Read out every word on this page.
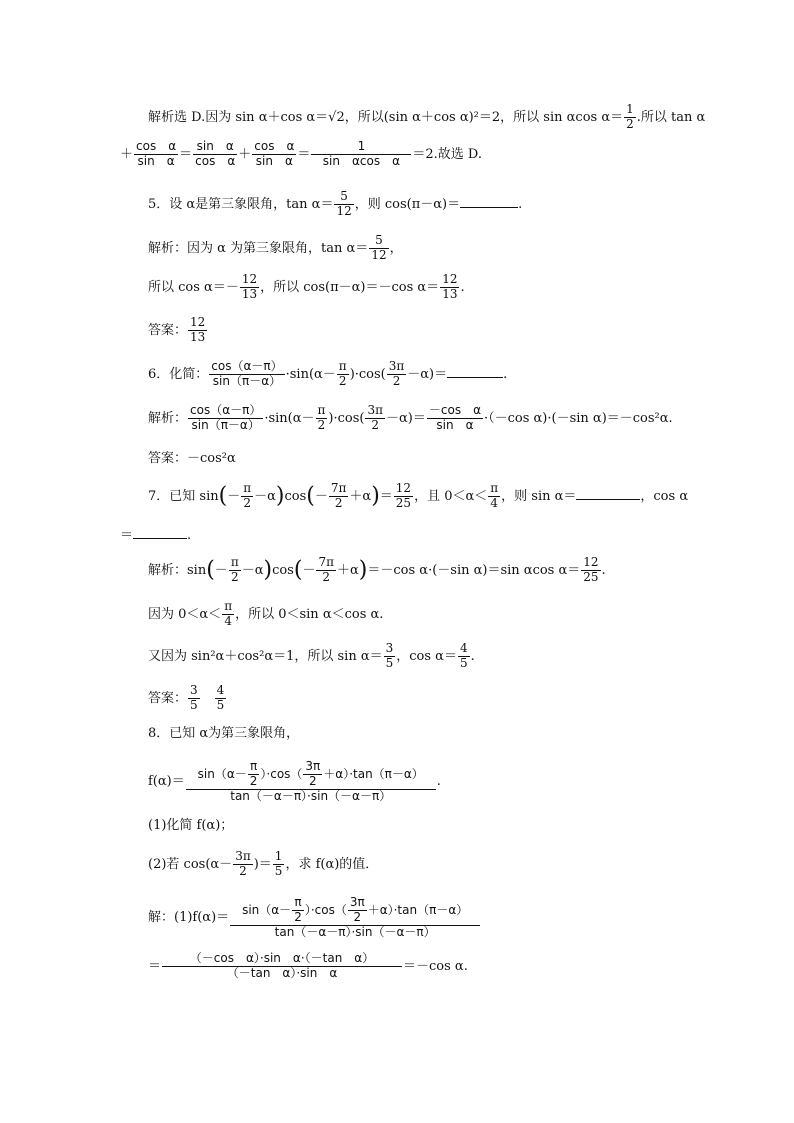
解析选 D.因为 sin α＋cos α＝√2，所以(sin α＋cos α)²＝2，所以 sin αcos $\alpha= \frac{1}{2}$ .所以 tan α
＋ $\frac{\text{cos　α}}{\text{sin　α}} = \frac{\text{sin　α}}{\text{cos　α}} + \frac{\text{cos　α}}{\text{sin　α}} = \frac{1}{\text{sin　αcos　α}} =2$.故选 D.
5．设 α是第三象限角，$\tan \alpha= \frac{5}{12}$ ，则 cos(π－α)＝	.
解析：因为 α 为第三象限角，$\tan \alpha= \frac{5}{12}$ ，
所以 $\cos \alpha=- \frac{12}{13}$ ，所以 cos(π－α)＝－cos $\alpha= \frac{12}{13}$ .
答案： $\frac{12}{13}$
6．化简： $\frac{\cos(\alpha-\pi)}{\sin(\pi-\alpha)} \cdot\sin(\alpha- \frac{\pi}{2} )\cdot\cos( \frac{3\pi}{2} -\alpha)=$	.
解析： $\frac{\cos(\alpha-\pi)}{\sin(\pi-\alpha)} \cdot\sin(\alpha- \frac{\pi}{2} )\cdot\cos( \frac{3\pi}{2} -\alpha)= \frac{\text{－cos　α}}{\text{sin　α}} \cdot(-\cos$ α)·(－sin α)＝－cos²α.
答案：－cos²α
7．已知 $\sin(- \frac{\pi}{2} -\alpha)\cos(- \frac{7\pi}{2} +\alpha)= \frac{12}{25}$ ，且 $0<\alpha< \frac{\pi}{4}$ ，则 sin α＝	，cos α
＝	.
解析：$\sin(- \frac{\pi}{2} -\alpha)\cos(- \frac{7\pi}{2} +\alpha)=-\cos$ α·(－sin α)＝sin αcos $\alpha= \frac{12}{25}$ .
因为 $0<\alpha< \frac{\pi}{4}$ ，所以 0＜sin α＜cos α.
又因为 sin²α＋cos²α＝1，所以 $\sin \alpha= \frac{3}{5}$ ，$\cos \alpha= \frac{4}{5}$ .
答案： $\frac{3}{5}$
　 $\frac{4}{5}$
8．已知 α为第三象限角，
$f(\alpha)= \frac{\sin(\alpha- \frac{\pi}{2} )\cdot\cos( \frac{3\pi}{2} +\alpha)\cdot\tan(\pi-\alpha)}{\tan(-\alpha-\pi)\cdot\sin(-\alpha-\pi)}$ .
(1)化简 f(α)；
(2)若 $\cos(\alpha- \frac{3\pi}{2}$ )＝ $\frac{1}{5}$ ，求 f(α)的值．
解：$(1)f(\alpha)= \frac{\sin(\alpha- \frac{\pi}{2} )\cdot\cos( \frac{3\pi}{2} +\alpha)\cdot\tan(\pi-\alpha)}{\tan(-\alpha-\pi)\cdot\sin(-\alpha-\pi)}$
＝ $\frac{\text{（－cos　α）·sin　α·（－tan　α）}}{\text{（－tan　α）·sin　α}} =-\cos$ α.
